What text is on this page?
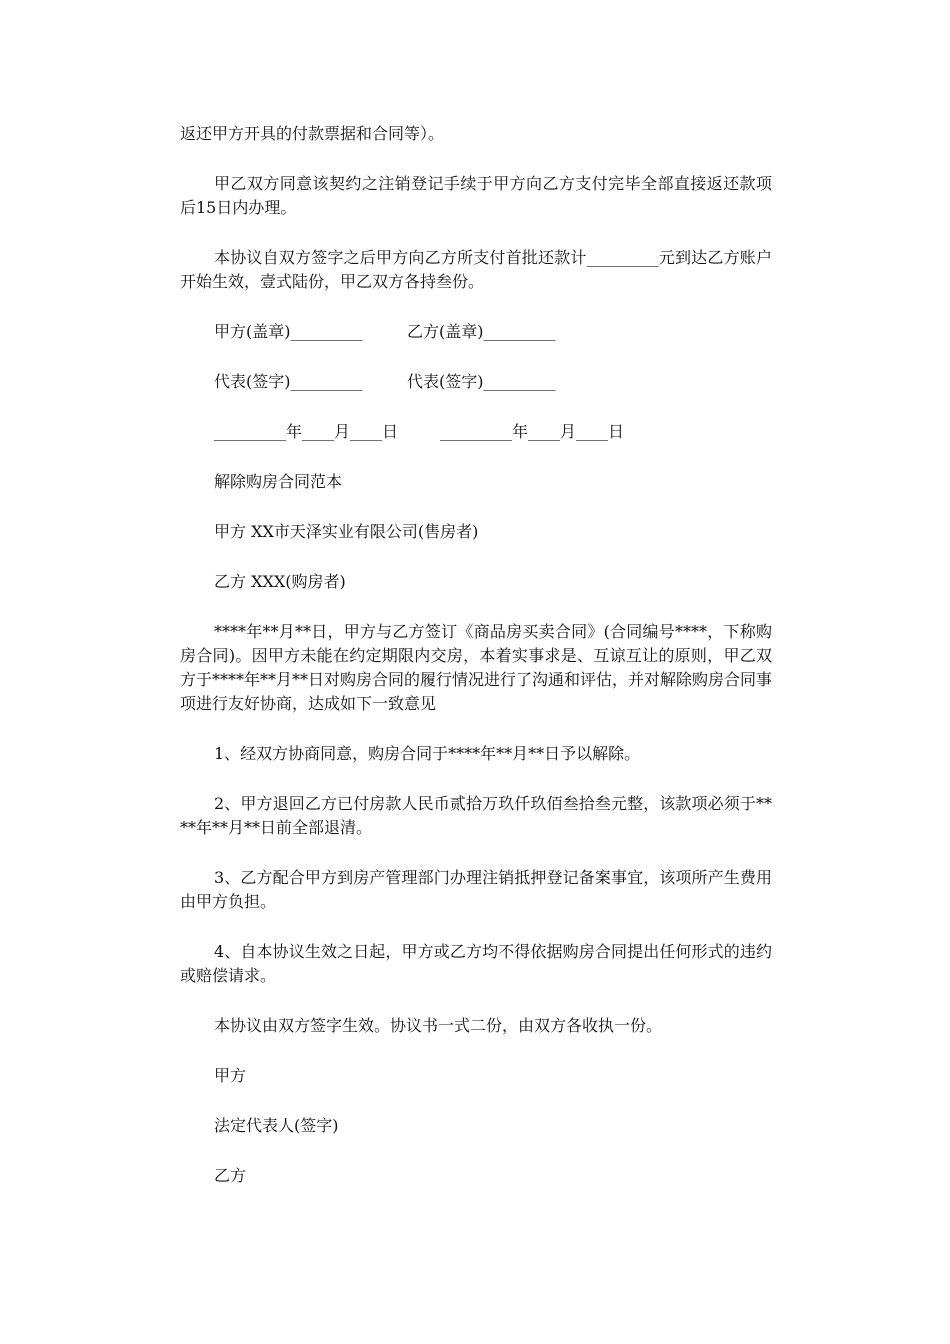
返还甲方开具的付款票据和合同等）。

甲乙双方同意该契约之注销登记手续于甲方向乙方支付完毕全部直接返还款项后15日内办理。

本协议自双方签字之后甲方向乙方所支付首批还款计_________元到达乙方账户开始生效，壹式陆份，甲乙双方各持叁份。

甲方(盖章)_________	乙方(盖章)_________
代表(签字)_________	代表(签字)_________
_________年____月____日	_________年____月____日

解除购房合同范本

甲方 XX市天泽实业有限公司(售房者)

乙方 XXX(购房者)

****年**月**日，甲方与乙方签订《商品房买卖合同》(合同编号****，下称购房合同)。因甲方未能在约定期限内交房，本着实事求是、互谅互让的原则，甲乙双方于****年**月**日对购房合同的履行情况进行了沟通和评估，并对解除购房合同事项进行友好协商，达成如下一致意见

1、经双方协商同意，购房合同于****年**月**日予以解除。

2、甲方退回乙方已付房款人民币贰拾万玖仟玖佰叁拾叁元整，该款项必须于****年**月**日前全部退清。

3、乙方配合甲方到房产管理部门办理注销抵押登记备案事宜，该项所产生费用由甲方负担。

4、自本协议生效之日起，甲方或乙方均不得依据购房合同提出任何形式的违约或赔偿请求。

本协议由双方签字生效。协议书一式二份，由双方各收执一份。

甲方

法定代表人(签字)

乙方
